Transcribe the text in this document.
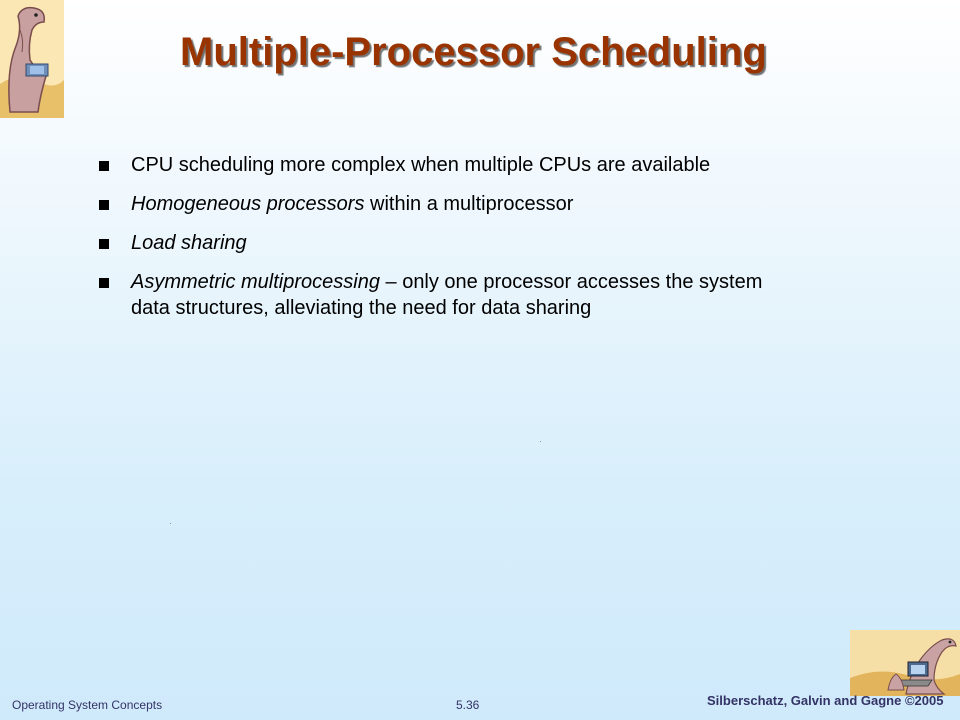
Multiple-Processor Scheduling
CPU scheduling more complex when multiple CPUs are available
Homogeneous processors within a multiprocessor
Load sharing
Asymmetric multiprocessing – only one processor accesses the system data structures, alleviating the need for data sharing
Operating System Concepts	5.36	Silberschatz, Galvin and Gagne ©2005
